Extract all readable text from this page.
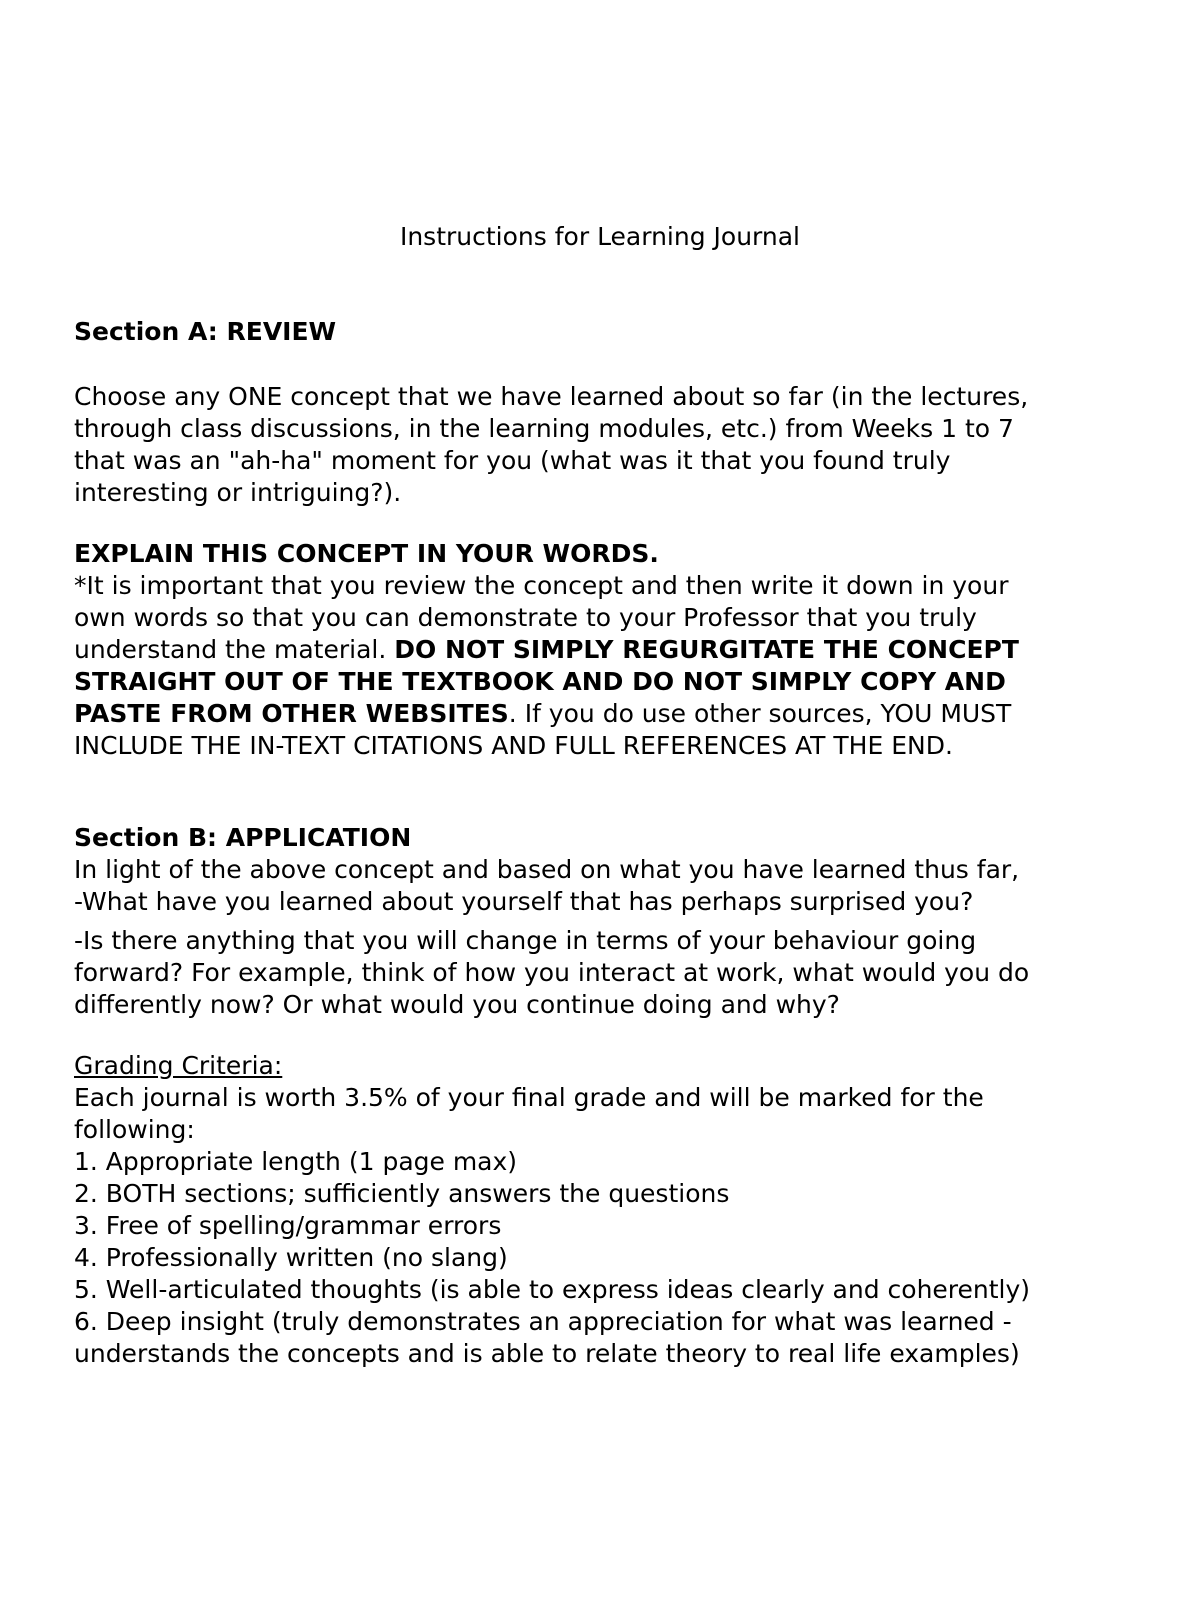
Instructions for Learning Journal
Section A: REVIEW
Choose any ONE concept that we have learned about so far (in the lectures,
through class discussions, in the learning modules, etc.) from Weeks 1 to 7
that was an "ah-ha" moment for you (what was it that you found truly
interesting or intriguing?).
EXPLAIN THIS CONCEPT IN YOUR WORDS.
*It is important that you review the concept and then write it down in your
own words so that you can demonstrate to your Professor that you truly
understand the material. DO NOT SIMPLY REGURGITATE THE CONCEPT
STRAIGHT OUT OF THE TEXTBOOK AND DO NOT SIMPLY COPY AND
PASTE FROM OTHER WEBSITES. If you do use other sources, YOU MUST
INCLUDE THE IN-TEXT CITATIONS AND FULL REFERENCES AT THE END.
Section B: APPLICATION
In light of the above concept and based on what you have learned thus far,
-What have you learned about yourself that has perhaps surprised you?
-Is there anything that you will change in terms of your behaviour going
forward? For example, think of how you interact at work, what would you do
differently now? Or what would you continue doing and why?
Grading Criteria:
Each journal is worth 3.5% of your final grade and will be marked for the
following:
1. Appropriate length (1 page max)
2. BOTH sections; sufficiently answers the questions
3. Free of spelling/grammar errors
4. Professionally written (no slang)
5. Well-articulated thoughts (is able to express ideas clearly and coherently)
6. Deep insight (truly demonstrates an appreciation for what was learned -
understands the concepts and is able to relate theory to real life examples)
